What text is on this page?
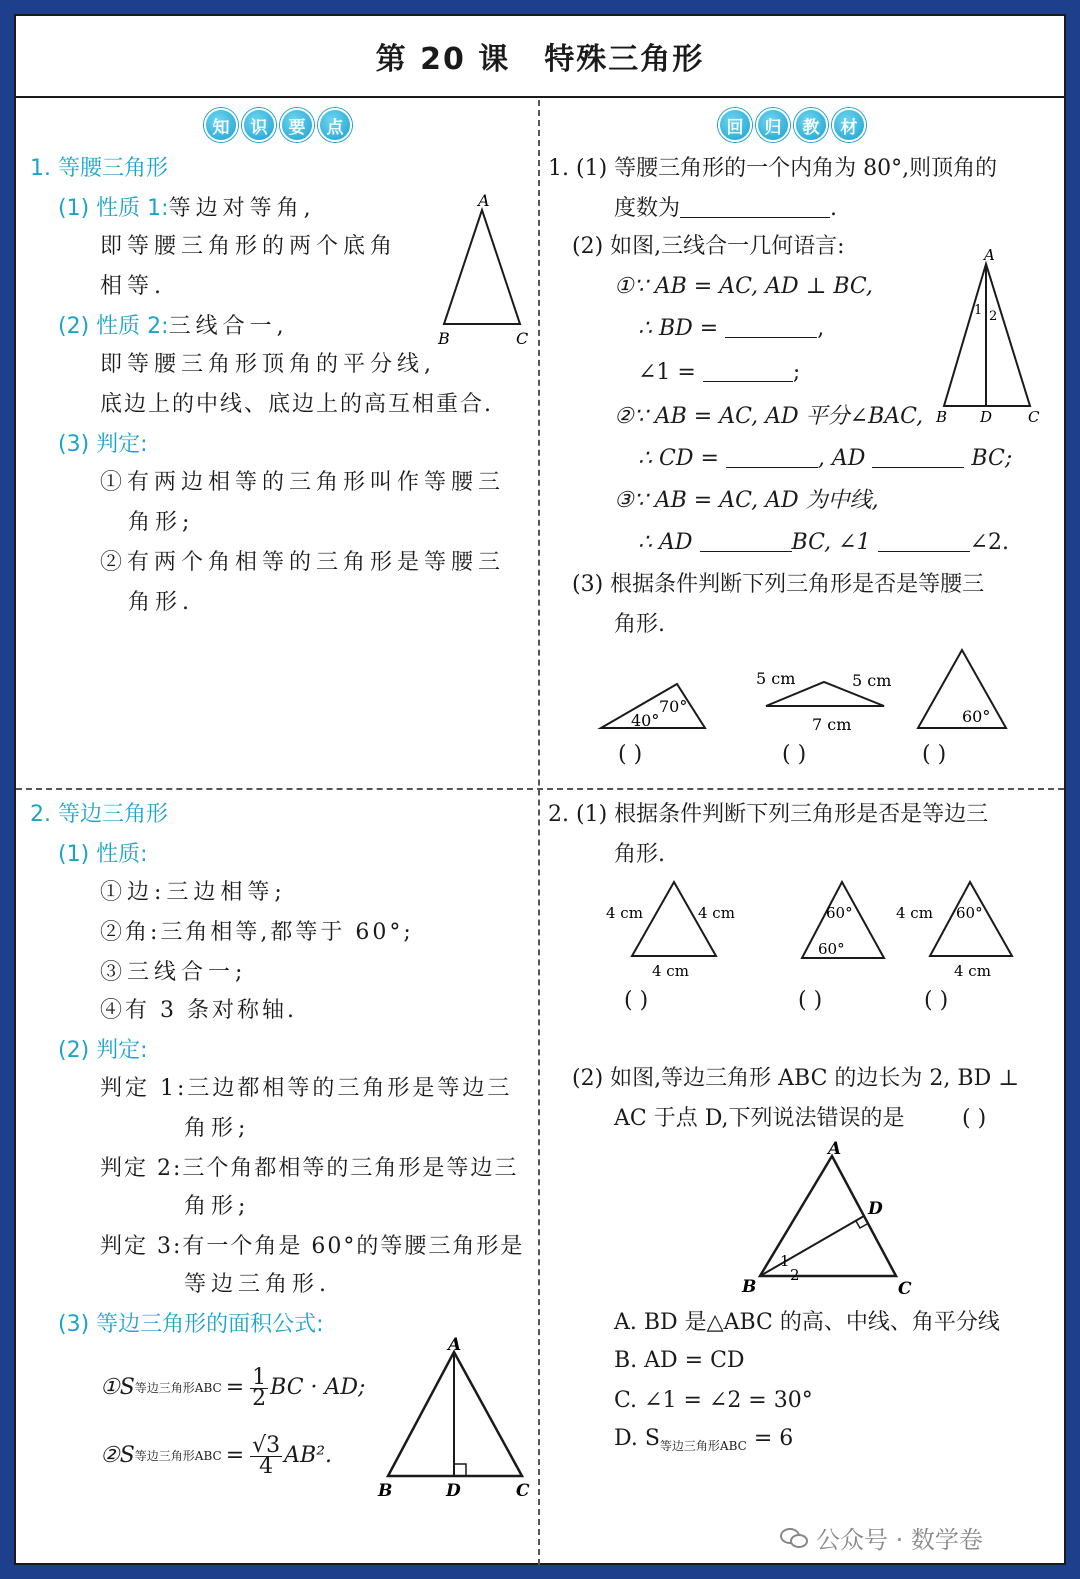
第 20 课 特殊三角形
知	识	要	点	回	归	教	材
1. 等腰三角形
(1) 性质 1:等边对等角,
即等腰三角形的两个底角
相等.
A
B	C
(2) 性质 2:三线合一,
即等腰三角形顶角的平分线,
底边上的中线、底边上的高互相重合.
(3) 判定:
①有两边相等的三角形叫作等腰三
角形;
②有两个角相等的三角形是等腰三
角形.
1. (1) 等腰三角形的一个内角为 80°,则顶角的
度数为	.
(2) 如图,三线合一几何语言:
①∵ AB = AC, AD ⊥ BC,
∴ BD =	,
∠1 =	;
②∵ AB = AC, AD 平分∠BAC,
∴ CD =	, AD	BC;
③∵ AB = AC, AD 为中线,
∴ AD	BC, ∠1	∠2.
A
B D C
1 2
(3) 根据条件判断下列三角形是否是等腰三
角形.
70°
40°
5 cm	5 cm
7 cm	60°
( )	( )	( )
2. 等边三角形
(1) 性质:
①边:三边相等;
②角:三角相等,都等于 60°;
③三线合一;
④有 3 条对称轴.
(2) 判定:
判定 1:三边都相等的三角形是等边三
角形;
判定 2:三个角都相等的三角形是等边三
角形;
判定 3:有一个角是 60°的等腰三角形是
等边三角形.
(3) 等边三角形的面积公式:
①S 等边三角形ABC = $\frac{1}{2}$ BC · AD;
②S 等边三角形ABC = $\frac{√3}{4} AB^2$.
A
B	D	C
2. (1) 根据条件判断下列三角形是否是等边三
角形.
4 cm	4 cm
4 cm
60°
60°
4 cm 60°
4 cm
( )	( )	( )
(2) 如图,等边三角形 ABC 的边长为 2, BD ⊥
AC 于点 D,下列说法错误的是	( )
A
B	C
D
1
2
A. BD 是△ABC 的高、中线、角平分线
B. AD = CD
C. ∠1 = ∠2 = 30°
D. $S_{等边三角形ABC} = 6$
公众号 · 数学卷
